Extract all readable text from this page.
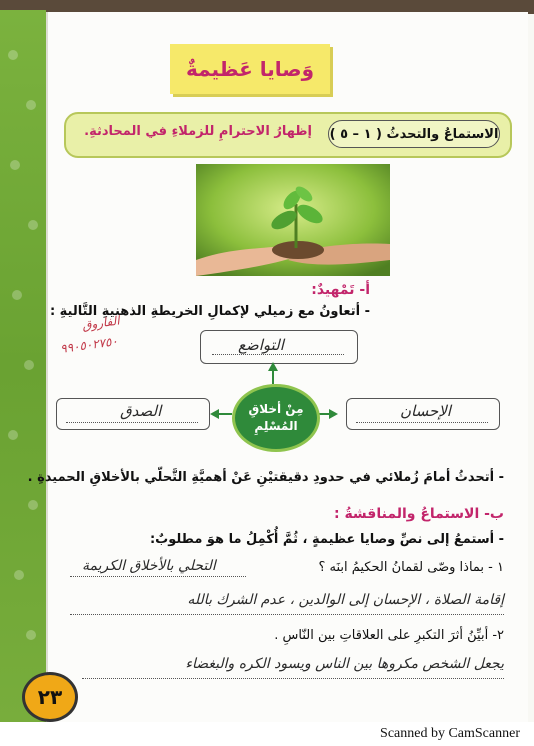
وَصايا عَظيمةٌ
الاستماعُ والتحدثُ ( ١ – ٥ )
إظهارُ الاحترامِ للزملاءِ في المحادثةِ.
أ- تَمْهيدٌ:
- أتعاونُ مع زميلي لإكمالِ الخريطةِ الذهنيةِ التَّاليةِ :
الفاروق
٩٩٠٥٠٢٧٥٠	التواضع
مِنْ أخلاقِ
المُسْلِمِ
الصدق	الإحسان
- أتحدثُ أمامَ زُملائي في حدودِ دقيقتيْنِ عَنْ أهميَّةِ التَّحلّي بالأخلاقِ الحميدةِ .
ب- الاستماعُ والمناقشةُ :
- أستمعُ إلى نصِّ وصايا عظيمةٍ ، ثُمَّ أُكْمِلُ ما هوَ مطلوبٌ:
١ - بماذا وصّى لقمانُ الحكيمُ ابنَه ؟
التحلي بالأخلاق الكريمة
إقامة الصلاة ، الإحسان إلى الوالدين ، عدم الشرك بالله
٢- أبيِّنُ أثرَ التكبرِ على العلاقاتِ بين النّاسِ .
يجعل الشخص مكروها بين الناس ويسود الكره والبغضاء
٢٣
Scanned by CamScanner
